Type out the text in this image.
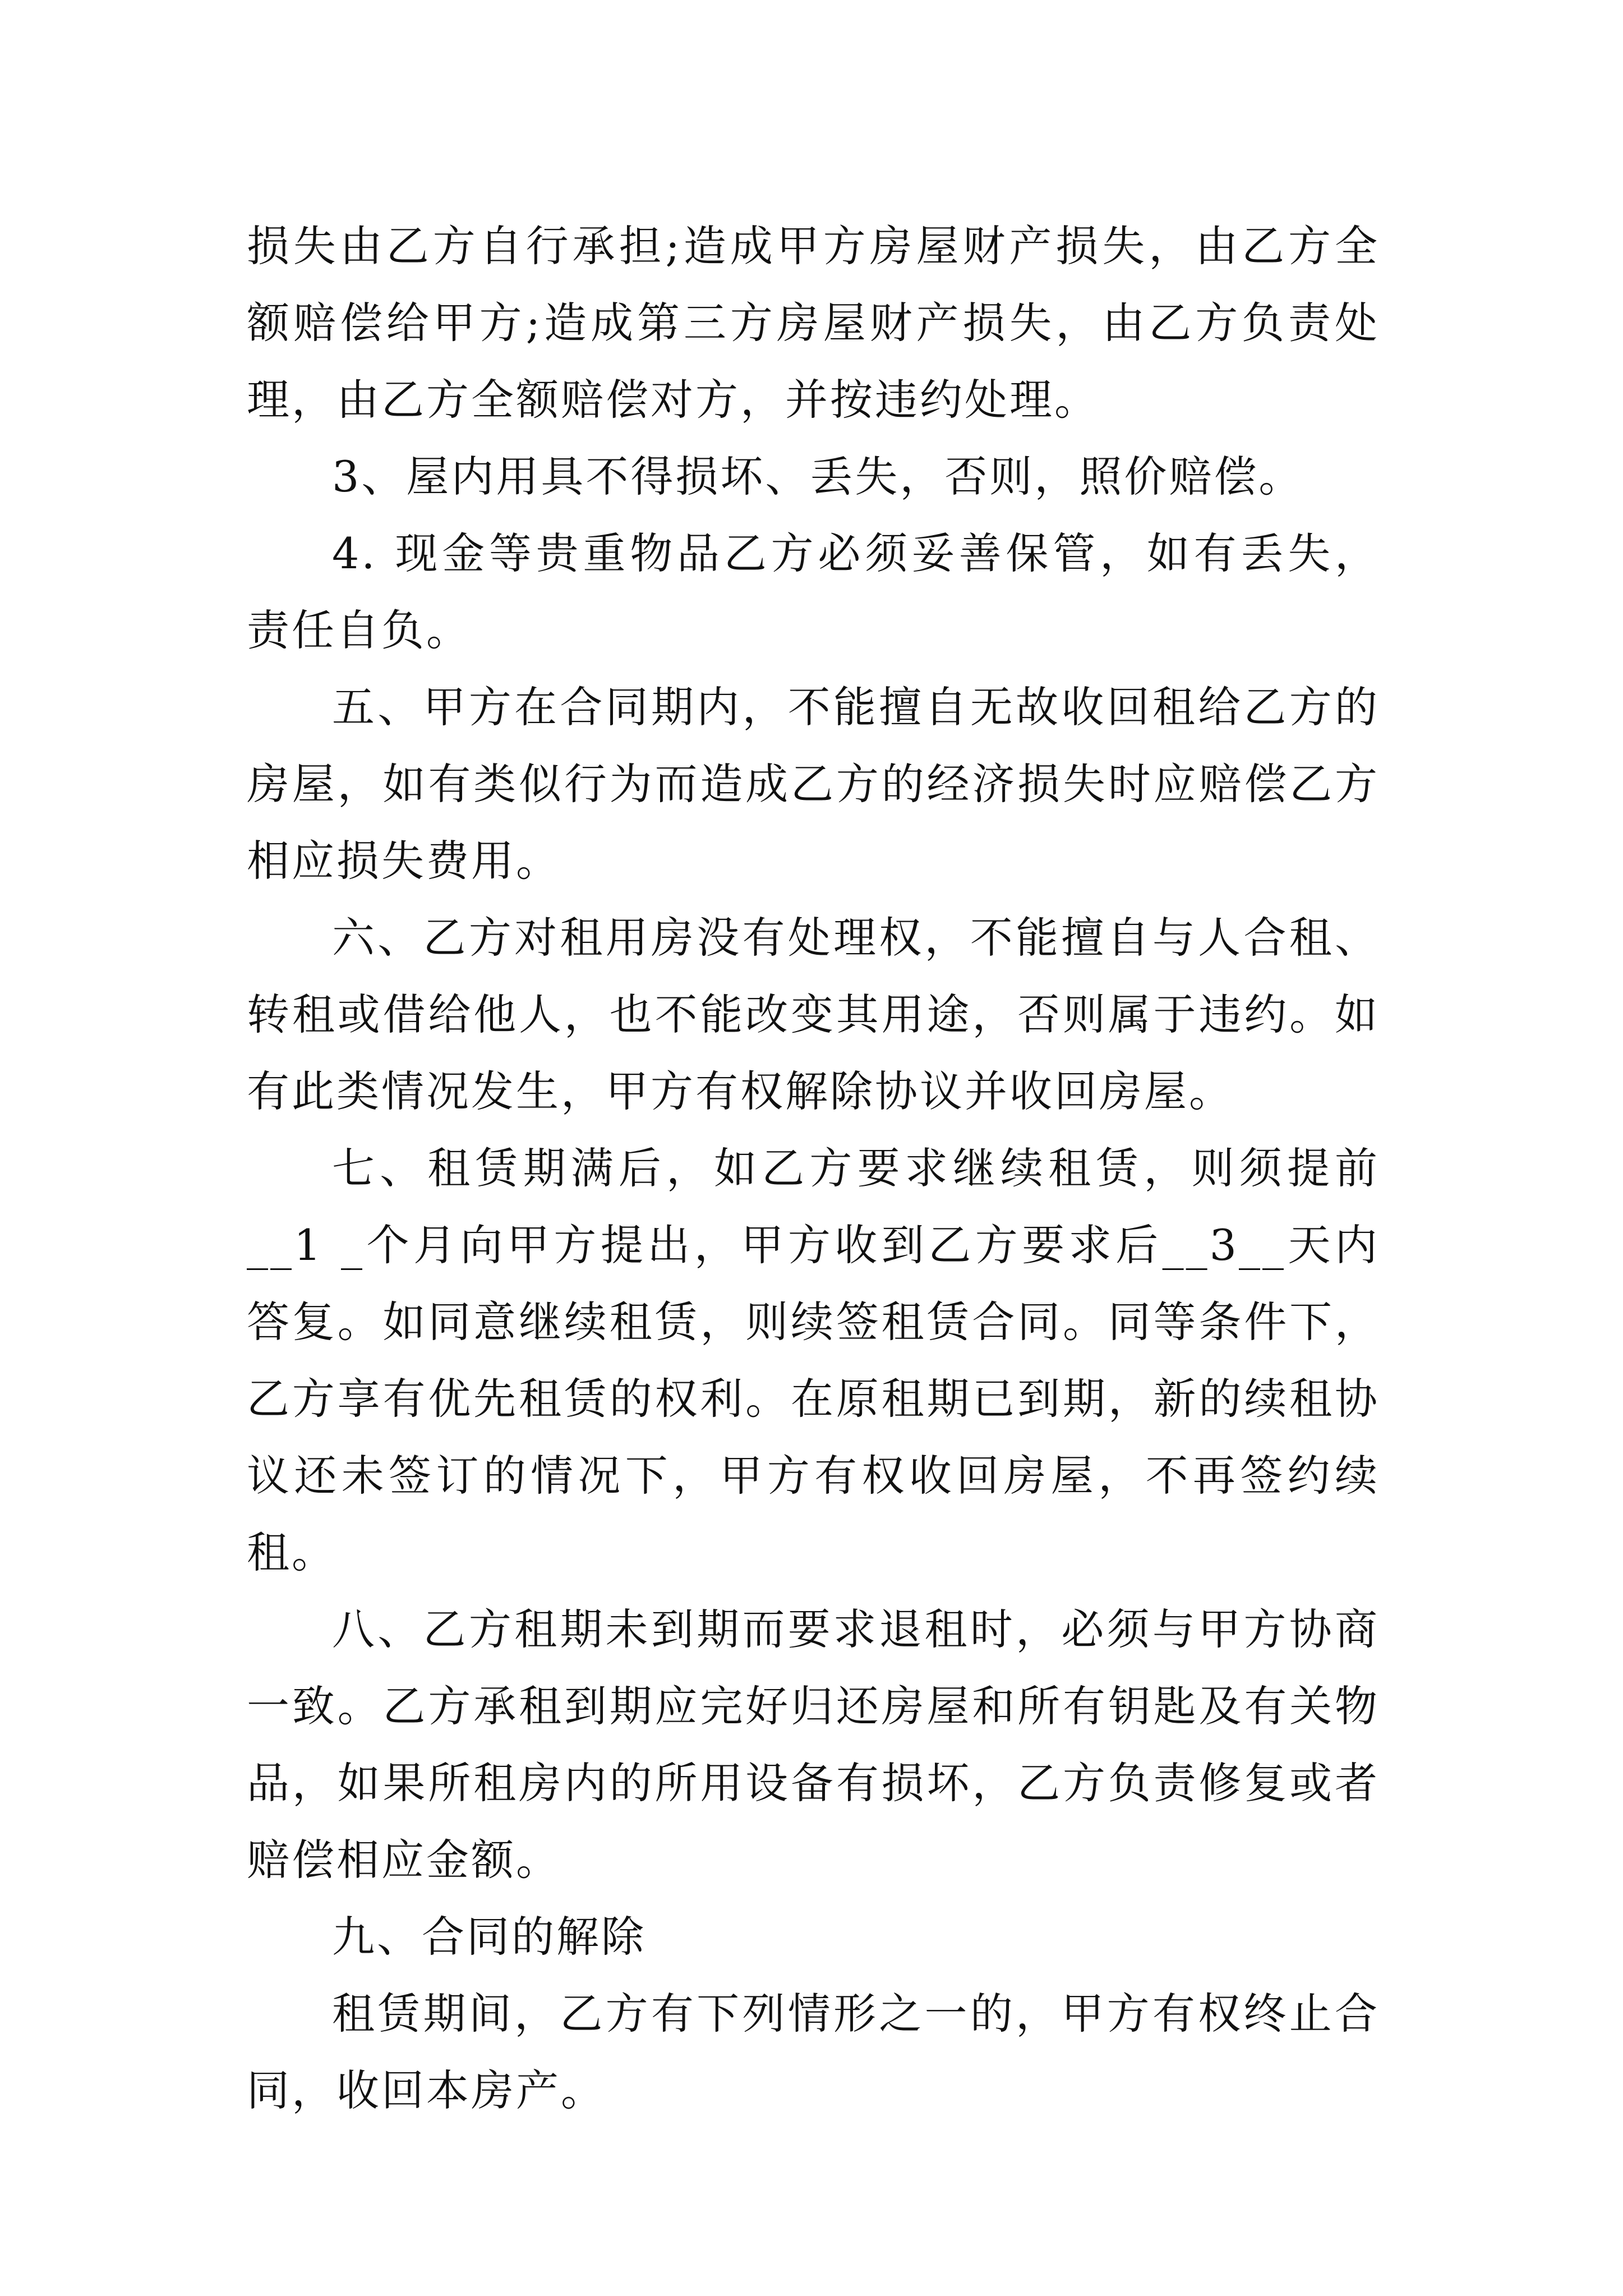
损失由乙方自行承担;造成甲方房屋财产损失，由乙方全额赔偿给甲方;造成第三方房屋财产损失，由乙方负责处理，由乙方全额赔偿对方，并按违约处理。

3、屋内用具不得损坏、丢失，否则，照价赔偿。

4. 现金等贵重物品乙方必须妥善保管，如有丢失，责任自负。

五、甲方在合同期内，不能擅自无故收回租给乙方的房屋，如有类似行为而造成乙方的经济损失时应赔偿乙方相应损失费用。

六、乙方对租用房没有处理权，不能擅自与人合租、转租或借给他人，也不能改变其用途，否则属于违约。如有此类情况发生，甲方有权解除协议并收回房屋。

七、租赁期满后，如乙方要求继续租赁，则须提前__1 _个月向甲方提出，甲方收到乙方要求后__3__天内答复。如同意继续租赁，则续签租赁合同。同等条件下，乙方享有优先租赁的权利。在原租期已到期，新的续租协议还未签订的情况下，甲方有权收回房屋，不再签约续租。

八、乙方租期未到期而要求退租时，必须与甲方协商一致。乙方承租到期应完好归还房屋和所有钥匙及有关物品，如果所租房内的所用设备有损坏，乙方负责修复或者赔偿相应金额。

九、合同的解除

租赁期间，乙方有下列情形之一的，甲方有权终止合同，收回本房产。
